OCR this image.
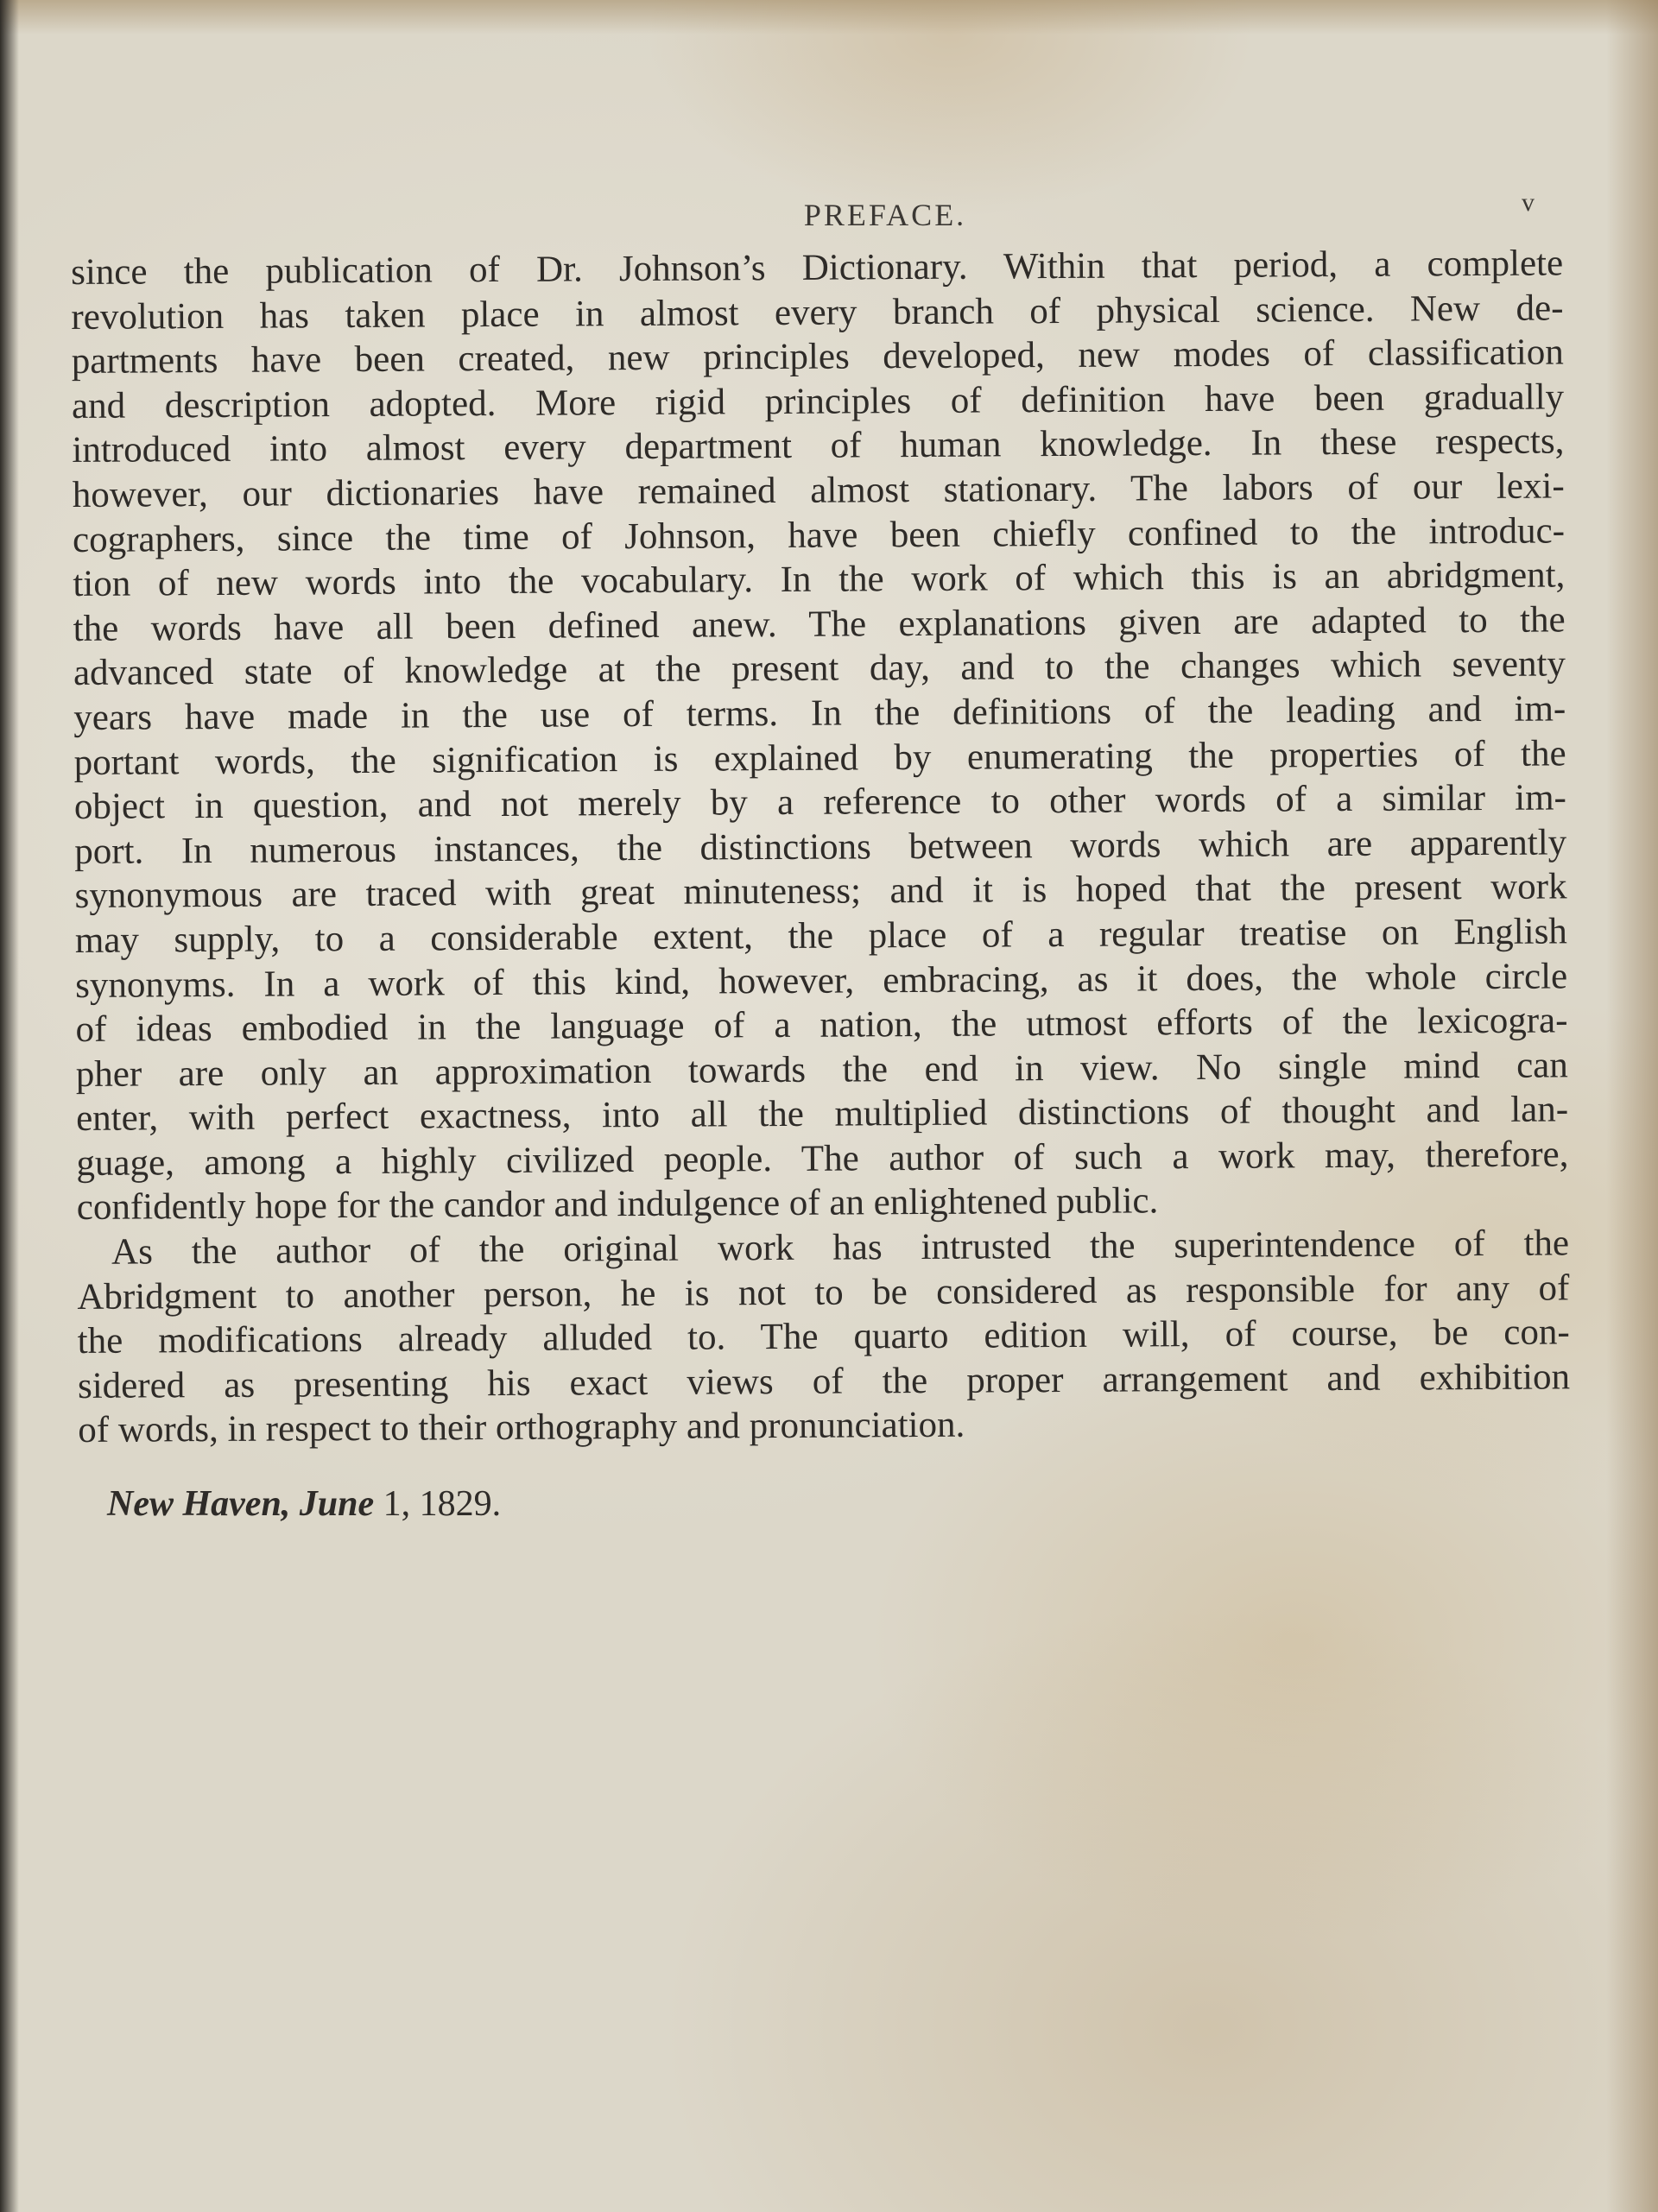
PREFACE.	v
since the publication of Dr. Johnson’s Dictionary. Within that period, a complete
revolution has taken place in almost every branch of physical science. New de-
partments have been created, new principles developed, new modes of classification
and description adopted. More rigid principles of definition have been gradually
introduced into almost every department of human knowledge. In these respects,
however, our dictionaries have remained almost stationary. The labors of our lexi-
cographers, since the time of Johnson, have been chiefly confined to the introduc-
tion of new words into the vocabulary. In the work of which this is an abridgment,
the words have all been defined anew. The explanations given are adapted to the
advanced state of knowledge at the present day, and to the changes which seventy
years have made in the use of terms. In the definitions of the leading and im-
portant words, the signification is explained by enumerating the properties of the
object in question, and not merely by a reference to other words of a similar im-
port. In numerous instances, the distinctions between words which are apparently
synonymous are traced with great minuteness; and it is hoped that the present work
may supply, to a considerable extent, the place of a regular treatise on English
synonyms. In a work of this kind, however, embracing, as it does, the whole circle
of ideas embodied in the language of a nation, the utmost efforts of the lexicogra-
pher are only an approximation towards the end in view. No single mind can
enter, with perfect exactness, into all the multiplied distinctions of thought and lan-
guage, among a highly civilized people. The author of such a work may, therefore,
confidently hope for the candor and indulgence of an enlightened public.
As the author of the original work has intrusted the superintendence of the
Abridgment to another person, he is not to be considered as responsible for any of
the modifications already alluded to. The quarto edition will, of course, be con-
sidered as presenting his exact views of the proper arrangement and exhibition
of words, in respect to their orthography and pronunciation.
New Haven, June 1, 1829.
